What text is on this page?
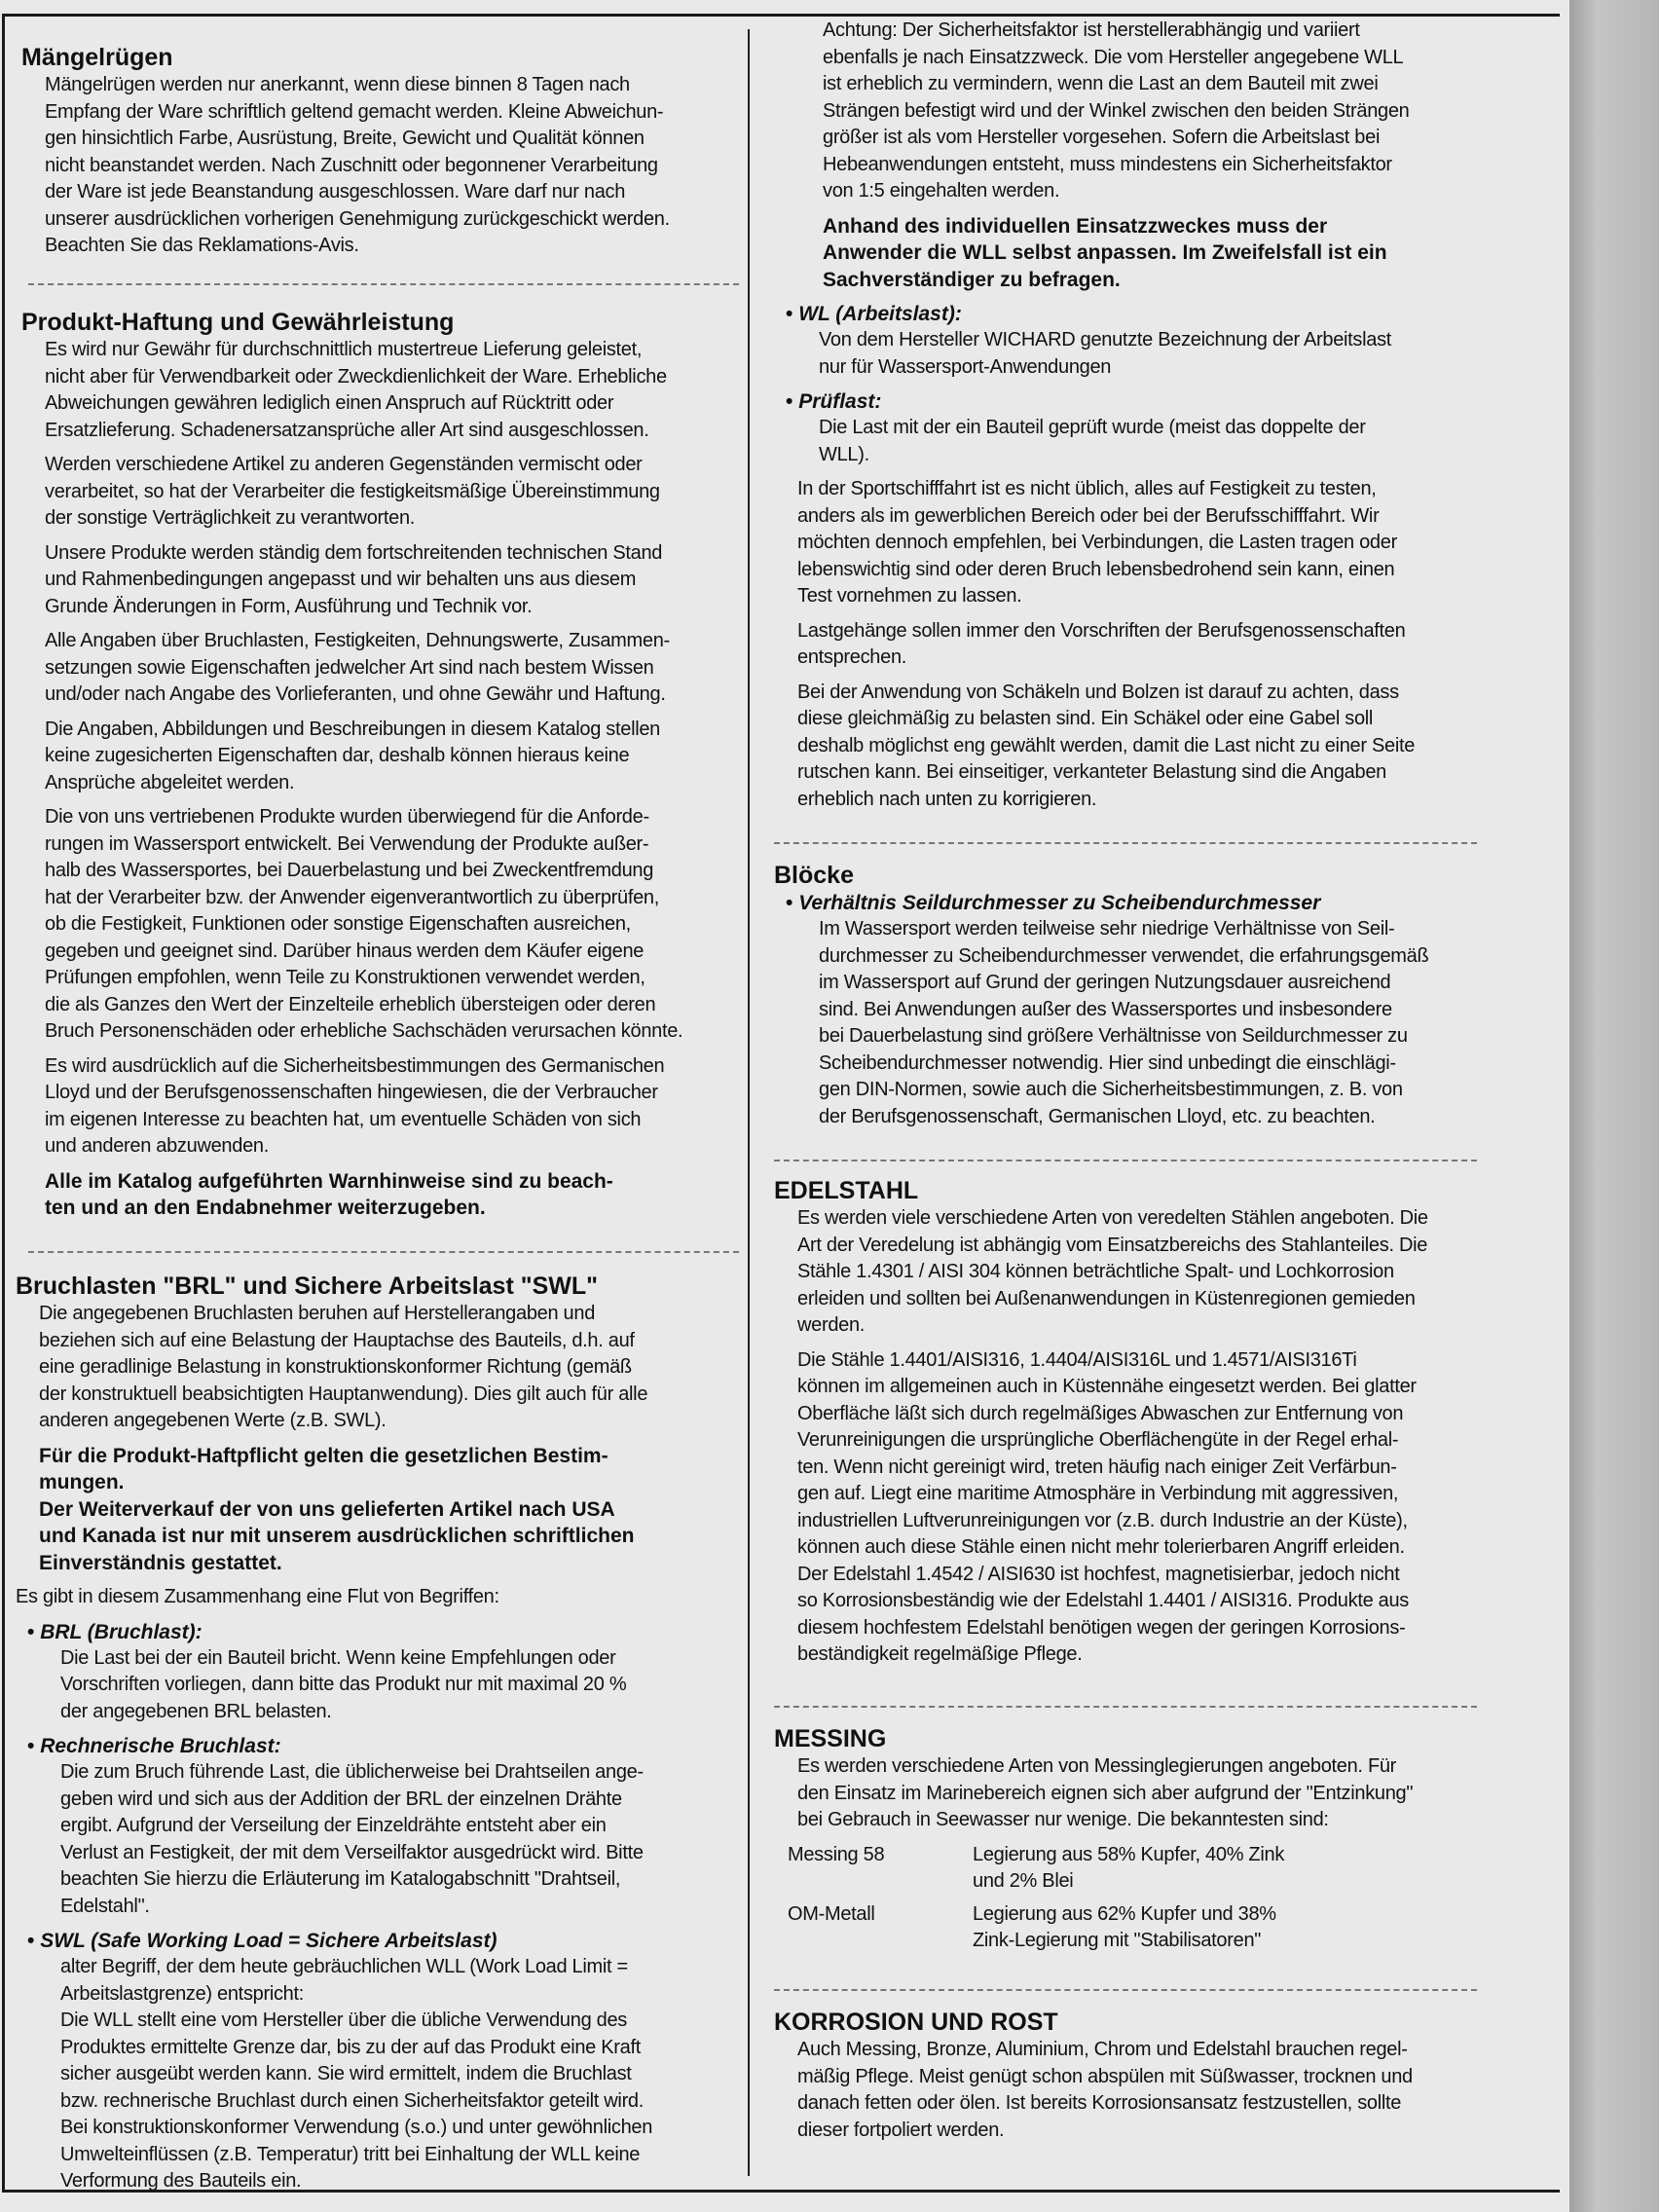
Mängelrügen

Mängelrügen werden nur anerkannt, wenn diese binnen 8 Tagen nach
Empfang der Ware schriftlich geltend gemacht werden. Kleine Abweichun-
gen hinsichtlich Farbe, Ausrüstung, Breite, Gewicht und Qualität können
nicht beanstandet werden. Nach Zuschnitt oder begonnener Verarbeitung
der Ware ist jede Beanstandung ausgeschlossen. Ware darf nur nach
unserer ausdrücklichen vorherigen Genehmigung zurückgeschickt werden.
Beachten Sie das Reklamations-Avis.

Produkt-Haftung und Gewährleistung

Es wird nur Gewähr für durchschnittlich mustertreue Lieferung geleistet,
nicht aber für Verwendbarkeit oder Zweckdienlichkeit der Ware. Erhebliche
Abweichungen gewähren lediglich einen Anspruch auf Rücktritt oder
Ersatzlieferung. Schadenersatzansprüche aller Art sind ausgeschlossen.

Werden verschiedene Artikel zu anderen Gegenständen vermischt oder
verarbeitet, so hat der Verarbeiter die festigkeitsmäßige Übereinstimmung
der sonstige Verträglichkeit zu verantworten.

Unsere Produkte werden ständig dem fortschreitenden technischen Stand
und Rahmenbedingungen angepasst und wir behalten uns aus diesem
Grunde Änderungen in Form, Ausführung und Technik vor.

Alle Angaben über Bruchlasten, Festigkeiten, Dehnungswerte, Zusammen-
setzungen sowie Eigenschaften jedwelcher Art sind nach bestem Wissen
und/oder nach Angabe des Vorlieferanten, und ohne Gewähr und Haftung.

Die Angaben, Abbildungen und Beschreibungen in diesem Katalog stellen
keine zugesicherten Eigenschaften dar, deshalb können hieraus keine
Ansprüche abgeleitet werden.

Die von uns vertriebenen Produkte wurden überwiegend für die Anforde-
rungen im Wassersport entwickelt. Bei Verwendung der Produkte außer-
halb des Wassersportes, bei Dauerbelastung und bei Zweckentfremdung
hat der Verarbeiter bzw. der Anwender eigenverantwortlich zu überprüfen,
ob die Festigkeit, Funktionen oder sonstige Eigenschaften ausreichen,
gegeben und geeignet sind. Darüber hinaus werden dem Käufer eigene
Prüfungen empfohlen, wenn Teile zu Konstruktionen verwendet werden,
die als Ganzes den Wert der Einzelteile erheblich übersteigen oder deren
Bruch Personenschäden oder erhebliche Sachschäden verursachen könnte.

Es wird ausdrücklich auf die Sicherheitsbestimmungen des Germanischen
Lloyd und der Berufsgenossenschaften hingewiesen, die der Verbraucher
im eigenen Interesse zu beachten hat, um eventuelle Schäden von sich
und anderen abzuwenden.

Alle im Katalog aufgeführten Warnhinweise sind zu beach-
ten und an den Endabnehmer weiterzugeben.

Bruchlasten "BRL" und Sichere Arbeitslast "SWL"

Die angegebenen Bruchlasten beruhen auf Herstellerangaben und
beziehen sich auf eine Belastung der Hauptachse des Bauteils, d.h. auf
eine geradlinige Belastung in konstruktionskonformer Richtung (gemäß
der konstruktuell beabsichtigten Hauptanwendung). Dies gilt auch für alle
anderen angegebenen Werte (z.B. SWL).

Für die Produkt-Haftpflicht gelten die gesetzlichen Bestim-
mungen.
Der Weiterverkauf der von uns gelieferten Artikel nach USA
und Kanada ist nur mit unserem ausdrücklichen schriftlichen
Einverständnis gestattet.

Es gibt in diesem Zusammenhang eine Flut von Begriffen:

• BRL (Bruchlast):

Die Last bei der ein Bauteil bricht. Wenn keine Empfehlungen oder
Vorschriften vorliegen, dann bitte das Produkt nur mit maximal 20 %
der angegebenen BRL belasten.

• Rechnerische Bruchlast:

Die zum Bruch führende Last, die üblicherweise bei Drahtseilen ange-
geben wird und sich aus der Addition der BRL der einzelnen Drähte
ergibt. Aufgrund der Verseilung der Einzeldrähte entsteht aber ein
Verlust an Festigkeit, der mit dem Verseilfaktor ausgedrückt wird. Bitte
beachten Sie hierzu die Erläuterung im Katalogabschnitt "Drahtseil,
Edelstahl".

• SWL (Safe Working Load = Sichere Arbeitslast)

alter Begriff, der dem heute gebräuchlichen WLL (Work Load Limit =
Arbeitslastgrenze) entspricht:
Die WLL stellt eine vom Hersteller über die übliche Verwendung des
Produktes ermittelte Grenze dar, bis zu der auf das Produkt eine Kraft
sicher ausgeübt werden kann. Sie wird ermittelt, indem die Bruchlast
bzw. rechnerische Bruchlast durch einen Sicherheitsfaktor geteilt wird.
Bei konstruktionskonformer Verwendung (s.o.) und unter gewöhnlichen
Umwelteinflüssen (z.B. Temperatur) tritt bei Einhaltung der WLL keine
Verformung des Bauteils ein.

Achtung: Der Sicherheitsfaktor ist herstellerabhängig und variiert
ebenfalls je nach Einsatzzweck. Die vom Hersteller angegebene WLL
ist erheblich zu vermindern, wenn die Last an dem Bauteil mit zwei
Strängen befestigt wird und der Winkel zwischen den beiden Strängen
größer ist als vom Hersteller vorgesehen. Sofern die Arbeitslast bei
Hebeanwendungen entsteht, muss mindestens ein Sicherheitsfaktor
von 1:5 eingehalten werden.

Anhand des individuellen Einsatzzweckes muss der
Anwender die WLL selbst anpassen. Im Zweifelsfall ist ein
Sachverständiger zu befragen.

• WL (Arbeitslast):

Von dem Hersteller WICHARD genutzte Bezeichnung der Arbeitslast
nur für Wassersport-Anwendungen

• Prüflast:

Die Last mit der ein Bauteil geprüft wurde (meist das doppelte der
WLL).

In der Sportschifffahrt ist es nicht üblich, alles auf Festigkeit zu testen,
anders als im gewerblichen Bereich oder bei der Berufsschifffahrt. Wir
möchten dennoch empfehlen, bei Verbindungen, die Lasten tragen oder
lebenswichtig sind oder deren Bruch lebensbedrohend sein kann, einen
Test vornehmen zu lassen.

Lastgehänge sollen immer den Vorschriften der Berufsgenossenschaften
entsprechen.

Bei der Anwendung von Schäkeln und Bolzen ist darauf zu achten, dass
diese gleichmäßig zu belasten sind. Ein Schäkel oder eine Gabel soll
deshalb möglichst eng gewählt werden, damit die Last nicht zu einer Seite
rutschen kann. Bei einseitiger, verkanteter Belastung sind die Angaben
erheblich nach unten zu korrigieren.

Blöcke
• Verhältnis Seildurchmesser zu Scheibendurchmesser

Im Wassersport werden teilweise sehr niedrige Verhältnisse von Seil-
durchmesser zu Scheibendurchmesser verwendet, die erfahrungsgemäß
im Wassersport auf Grund der geringen Nutzungsdauer ausreichend
sind. Bei Anwendungen außer des Wassersportes und insbesondere
bei Dauerbelastung sind größere Verhältnisse von Seildurchmesser zu
Scheibendurchmesser notwendig. Hier sind unbedingt die einschlägi-
gen DIN-Normen, sowie auch die Sicherheitsbestimmungen, z. B. von
der Berufsgenossenschaft, Germanischen Lloyd, etc. zu beachten.

EDELSTAHL

Es werden viele verschiedene Arten von veredelten Stählen angeboten. Die
Art der Veredelung ist abhängig vom Einsatzbereichs des Stahlanteiles. Die
Stähle 1.4301 / AISI 304 können beträchtliche Spalt- und Lochkorrosion
erleiden und sollten bei Außenanwendungen in Küstenregionen gemieden
werden.

Die Stähle 1.4401/AISI316, 1.4404/AISI316L und 1.4571/AISI316Ti
können im allgemeinen auch in Küstennähe eingesetzt werden. Bei glatter
Oberfläche läßt sich durch regelmäßiges Abwaschen zur Entfernung von
Verunreinigungen die ursprüngliche Oberflächengüte in der Regel erhal-
ten. Wenn nicht gereinigt wird, treten häufig nach einiger Zeit Verfärbun-
gen auf. Liegt eine maritime Atmosphäre in Verbindung mit aggressiven,
industriellen Luftverunreinigungen vor (z.B. durch Industrie an der Küste),
können auch diese Stähle einen nicht mehr tolerierbaren Angriff erleiden.
Der Edelstahl 1.4542 / AISI630 ist hochfest, magnetisierbar, jedoch nicht
so Korrosionsbeständig wie der Edelstahl 1.4401 / AISI316. Produkte aus
diesem hochfestem Edelstahl benötigen wegen der geringen Korrosions-
beständigkeit regelmäßige Pflege.

MESSING

Es werden verschiedene Arten von Messinglegierungen angeboten. Für
den Einsatz im Marinebereich eignen sich aber aufgrund der "Entzinkung"
bei Gebrauch in Seewasser nur wenige. Die bekanntesten sind:

Messing 58	Legierung aus 58% Kupfer, 40% Zink
und 2% Blei
OM-Metall	Legierung aus 62% Kupfer und 38%
Zink-Legierung mit "Stabilisatoren"
KORROSION UND ROST

Auch Messing, Bronze, Aluminium, Chrom und Edelstahl brauchen regel-
mäßig Pflege. Meist genügt schon abspülen mit Süßwasser, trocknen und
danach fetten oder ölen. Ist bereits Korrosionsansatz festzustellen, sollte
dieser fortpoliert werden.
